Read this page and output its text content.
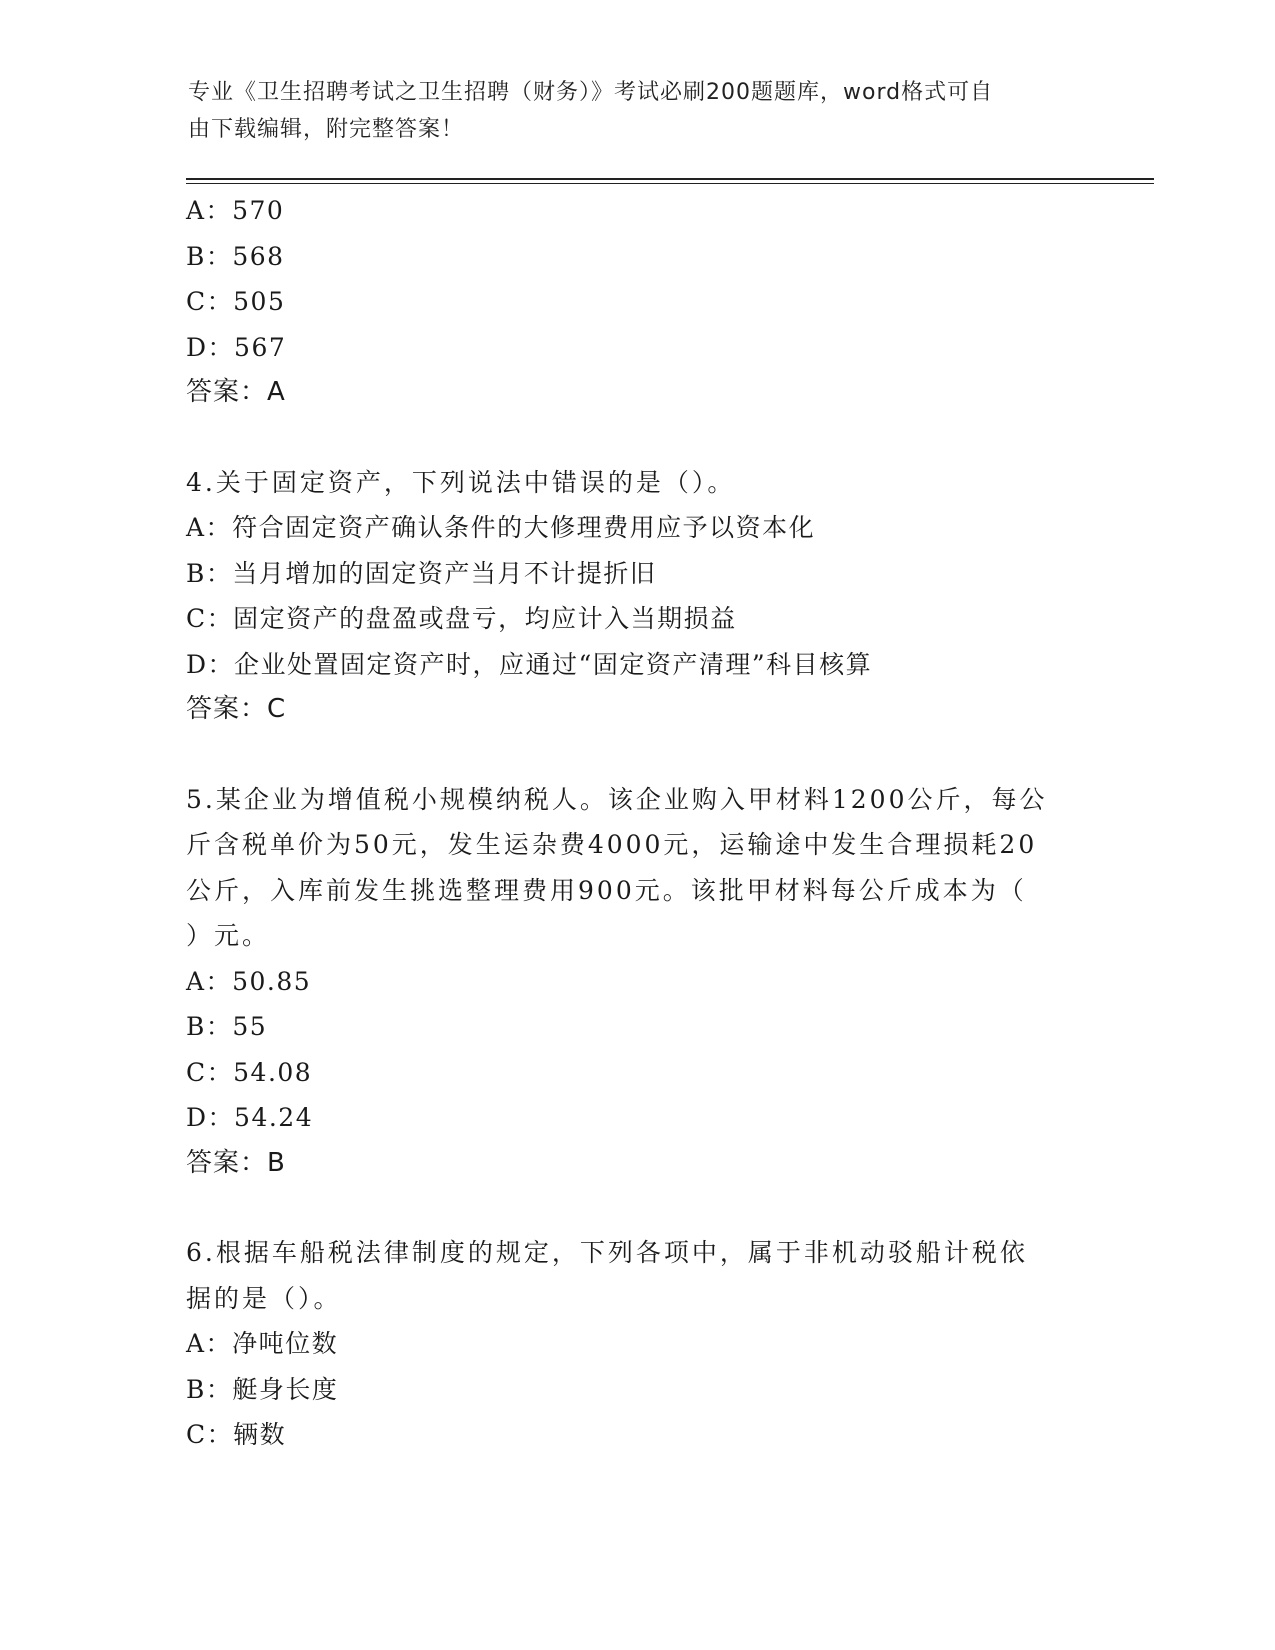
专业《卫生招聘考试之卫生招聘（财务）》考试必刷200题题库，word格式可自
由下载编辑，附完整答案！
A：570
B：568
C：505
D：567
答案：A
4.关于固定资产，下列说法中错误的是（）。
A：符合固定资产确认条件的大修理费用应予以资本化
B：当月增加的固定资产当月不计提折旧
C：固定资产的盘盈或盘亏，均应计入当期损益
D：企业处置固定资产时，应通过“固定资产清理”科目核算
答案：C
5.某企业为增值税小规模纳税人。该企业购入甲材料1200公斤，每公
斤含税单价为50元，发生运杂费4000元，运输途中发生合理损耗20
公斤，入库前发生挑选整理费用900元。该批甲材料每公斤成本为（
）元。
A：50.85
B：55
C：54.08
D：54.24
答案：B
6.根据车船税法律制度的规定，下列各项中，属于非机动驳船计税依
据的是（）。
A：净吨位数
B：艇身长度
C：辆数
